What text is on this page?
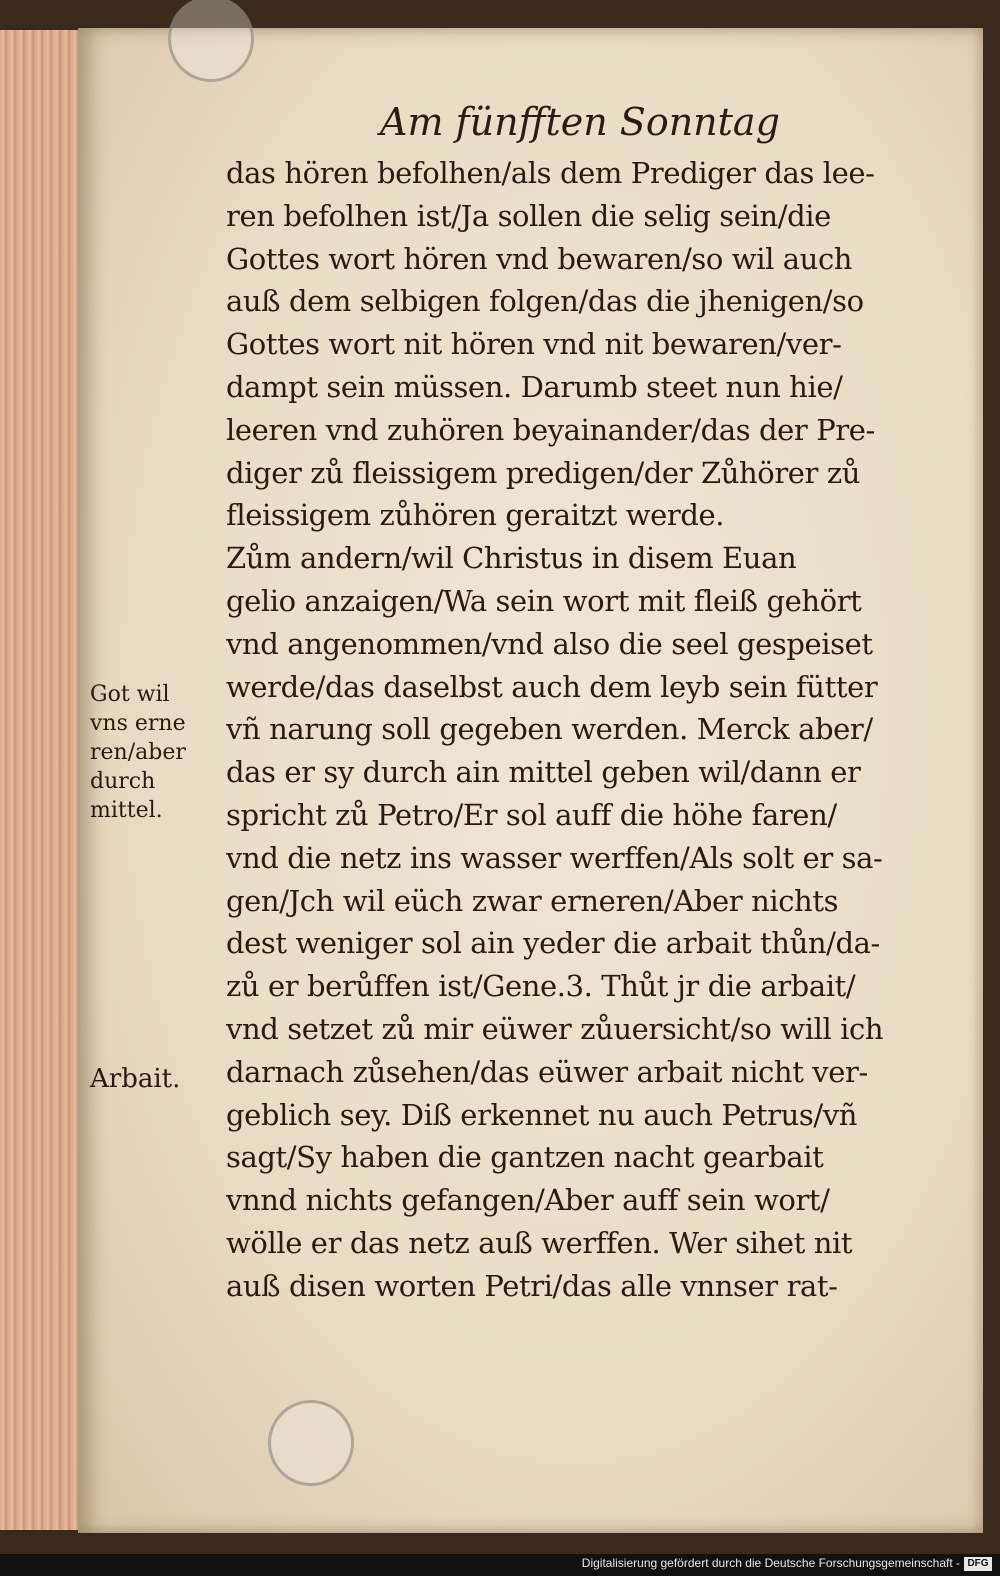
Am fünfften Sonntag
das hören befolhen/als dem Prediger das lee-
ren befolhen ist/Ja sollen die selig sein/die
Gottes wort hören vnd bewaren/so wil auch
auß dem selbigen folgen/das die jhenigen/so
Gottes wort nit hören vnd nit bewaren/ver-
dampt sein müssen. Darumb steet nun hie/
leeren vnd zuhören beyainander/das der Pre-
diger zů fleissigem predigen/der Zůhörer zů
fleissigem zůhören geraitzt werde.
Zům andern/wil Christus in disem Euan
gelio anzaigen/Wa sein wort mit fleiß gehört
vnd angenommen/vnd also die seel gespeiset
werde/das daselbst auch dem leyb sein fütter
vñ narung soll gegeben werden. Merck aber/
das er sy durch ain mittel geben wil/dann er
spricht zů Petro/Er sol auff die höhe faren/
vnd die netz ins wasser werffen/Als solt er sa-
gen/Jch wil eüch zwar erneren/Aber nichts
dest weniger sol ain yeder die arbait thůn/da-
zů er berůffen ist/Gene.3. Thůt jr die arbait/
vnd setzet zů mir eüwer zůuersicht/so will ich
darnach zůsehen/das eüwer arbait nicht ver-
geblich sey. Diß erkennet nu auch Petrus/vñ
sagt/Sy haben die gantzen nacht gearbait
vnnd nichts gefangen/Aber auff sein wort/
wölle er das netz auß werffen. Wer sihet nit
auß disen worten Petri/das alle vnnser rat-
Got wil
vns erne
ren/aber
durch
mittel.
Arbait.
Digitalisierung gefördert durch die Deutsche Forschungsgemeinschaft - DFG
